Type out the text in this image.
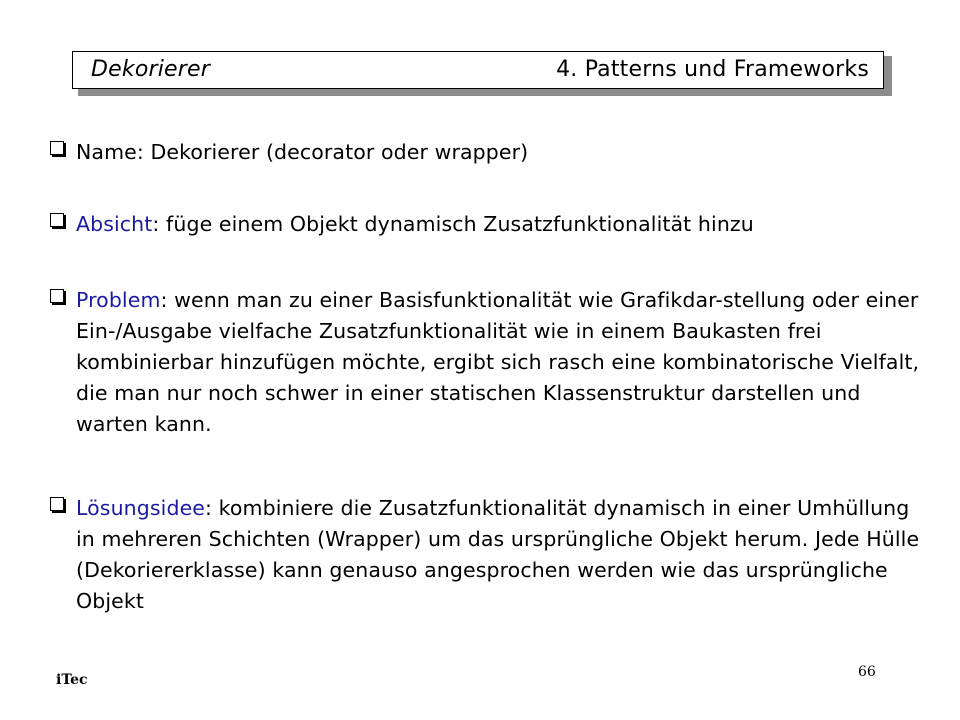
Dekorierer	4. Patterns und Frameworks
Name: Dekorierer (decorator oder wrapper)
Absicht: füge einem Objekt dynamisch Zusatzfunktionalität hinzu
Problem: wenn man zu einer Basisfunktionalität wie Grafikdar-stellung oder einer Ein-/Ausgabe vielfache Zusatzfunktionalität wie in einem Baukasten frei kombinierbar hinzufügen möchte, ergibt sich rasch eine kombinatorische Vielfalt, die man nur noch schwer in einer statischen Klassenstruktur darstellen und warten kann.
Lösungsidee: kombiniere die Zusatzfunktionalität dynamisch in einer Umhüllung in mehreren Schichten (Wrapper) um das ursprüngliche Objekt herum. Jede Hülle (Dekoriererklasse) kann genauso angesprochen werden wie das ursprüngliche Objekt
iTec	66
